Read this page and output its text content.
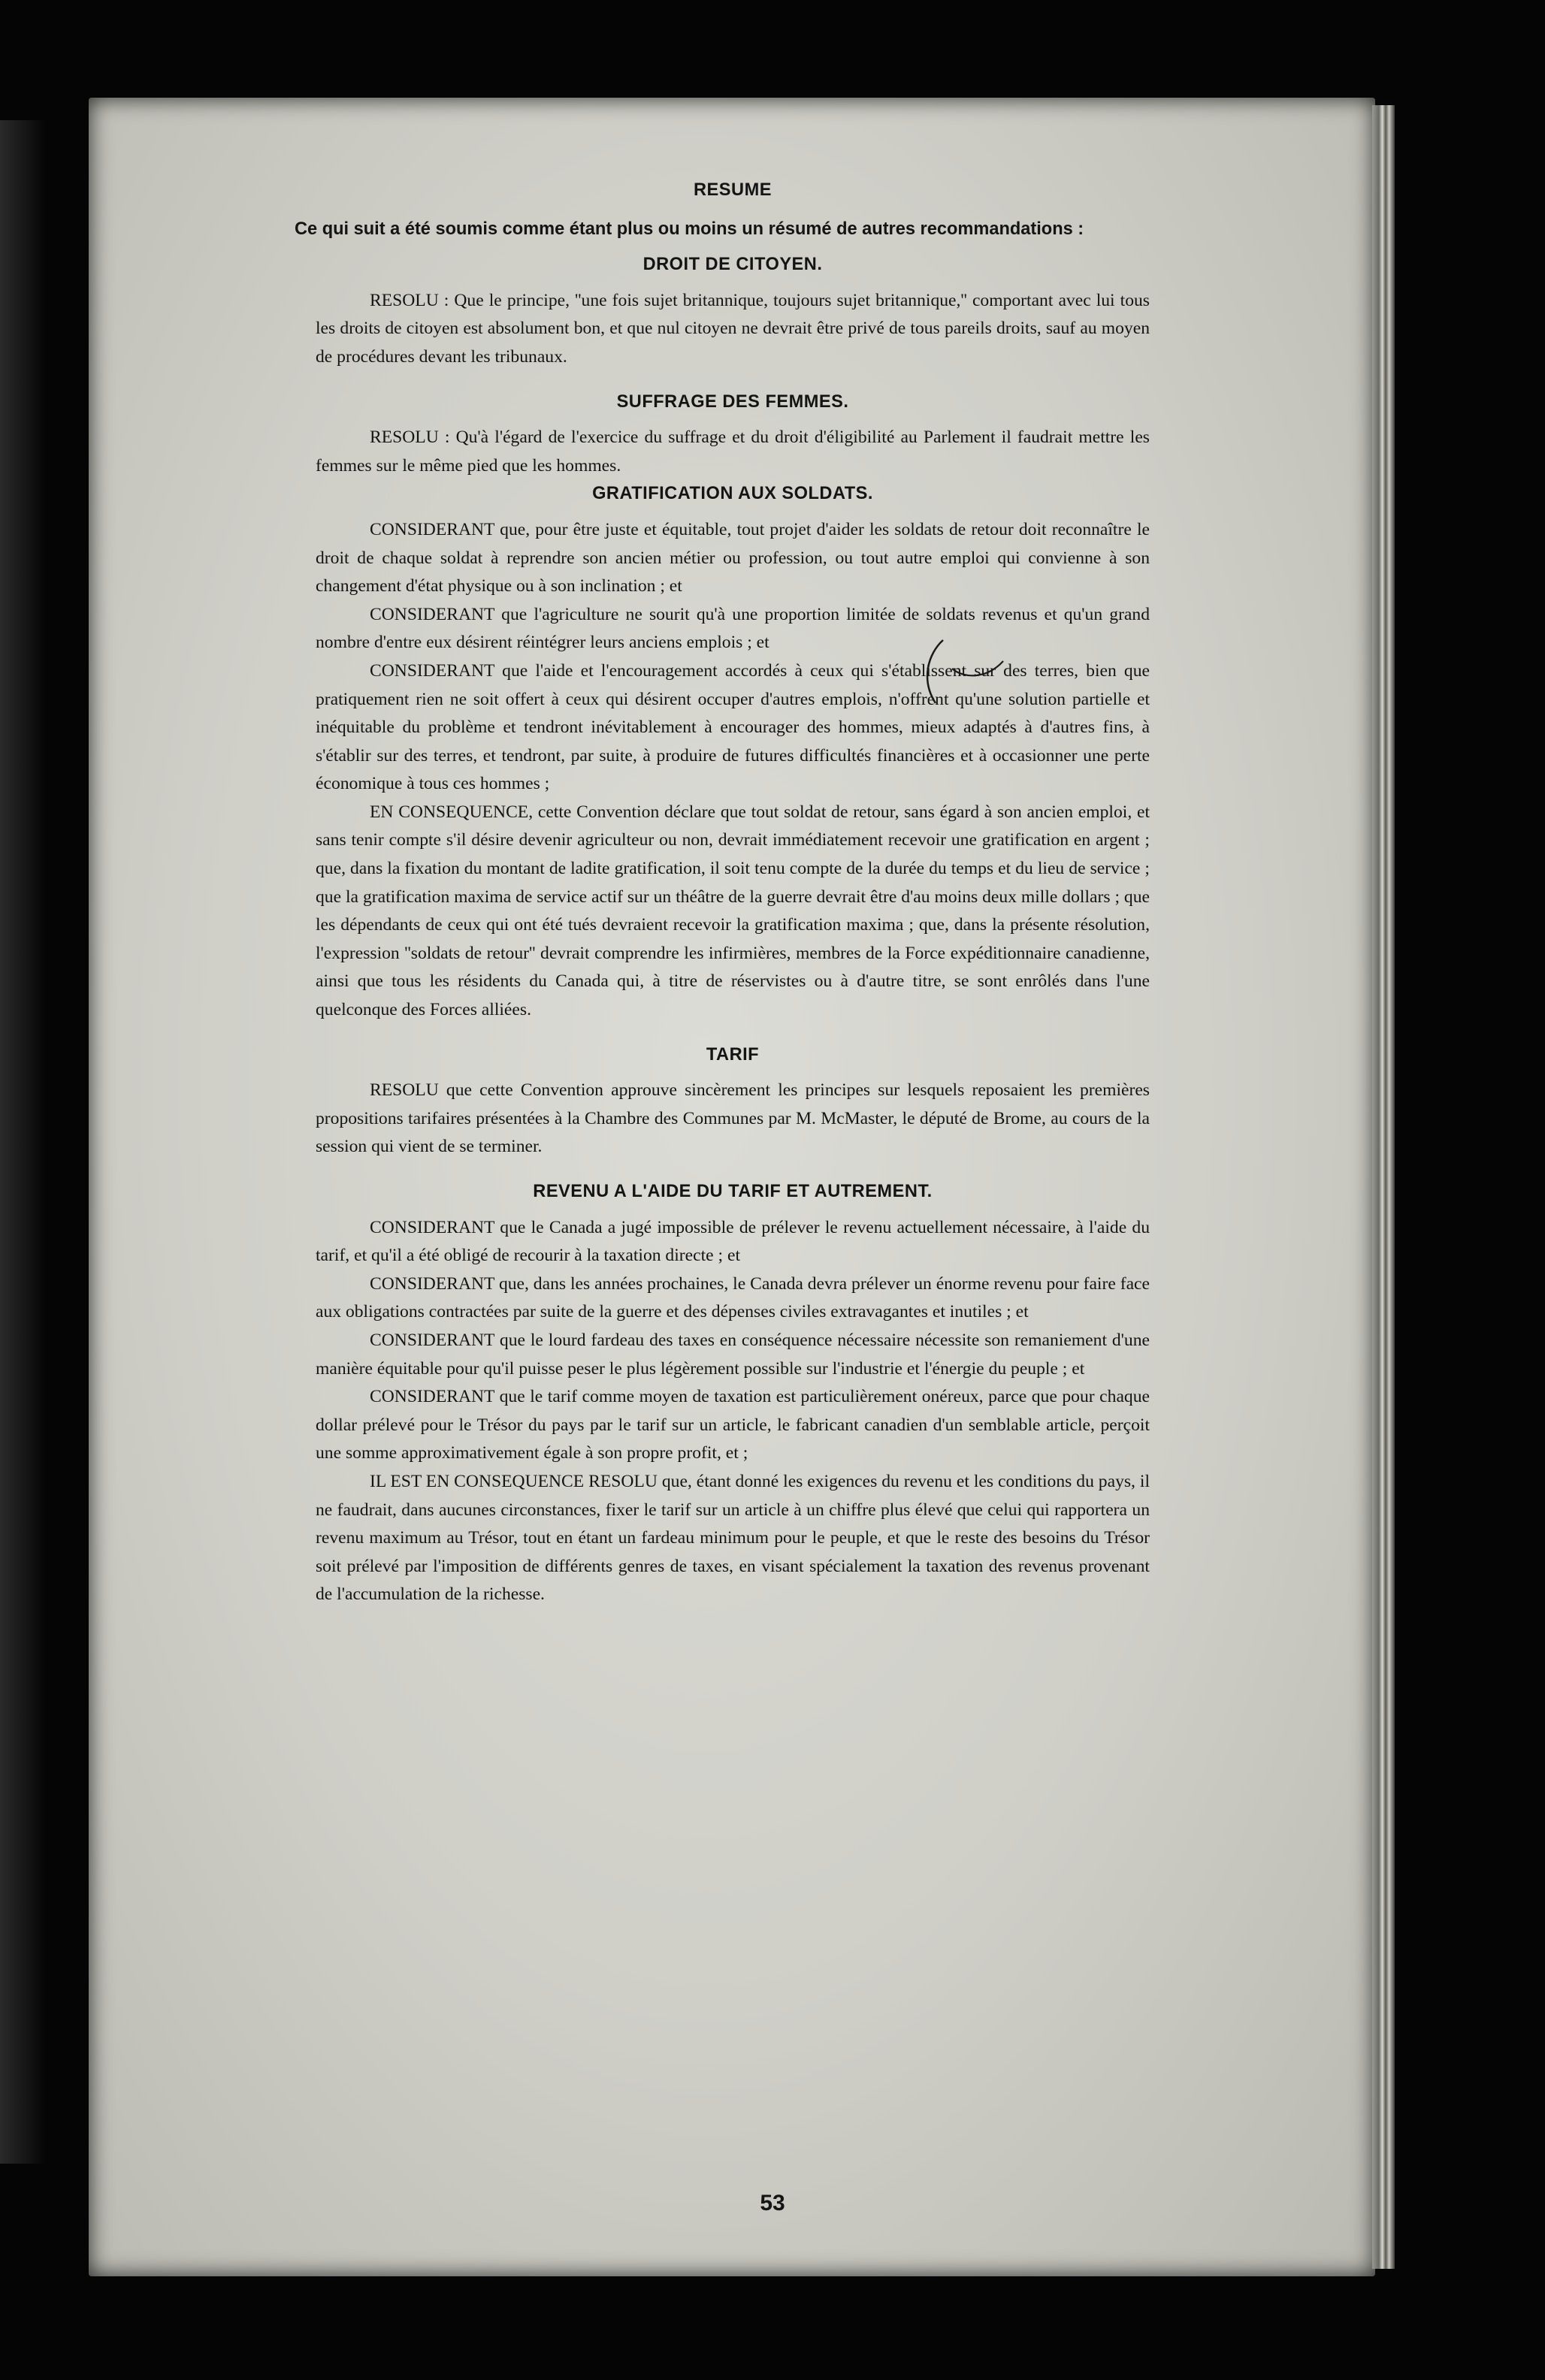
RESUME

Ce qui suit a été soumis comme étant plus ou moins un résumé de autres recommandations :

DROIT DE CITOYEN.

RESOLU : Que le principe, ''une fois sujet britannique, toujours sujet britannique,'' comportant avec lui tous les droits de citoyen est absolument bon, et que nul citoyen ne devrait être privé de tous pareils droits, sauf au moyen de procédures devant les tribunaux.

SUFFRAGE DES FEMMES.

RESOLU : Qu'à l'égard de l'exercice du suffrage et du droit d'éligibilité au Parlement il faudrait mettre les femmes sur le même pied que les hommes.

GRATIFICATION AUX SOLDATS.

CONSIDERANT que, pour être juste et équitable, tout projet d'aider les soldats de retour doit reconnaître le droit de chaque soldat à reprendre son ancien métier ou profession, ou tout autre emploi qui convienne à son changement d'état physique ou à son inclination ; et

CONSIDERANT que l'agriculture ne sourit qu'à une proportion limitée de soldats revenus et qu'un grand nombre d'entre eux désirent réintégrer leurs anciens emplois ; et

CONSIDERANT que l'aide et l'encouragement accordés à ceux qui s'établissent sur des terres, bien que pratiquement rien ne soit offert à ceux qui désirent occuper d'autres emplois, n'offrent qu'une solution partielle et inéquitable du problème et tendront inévitablement à encourager des hommes, mieux adaptés à d'autres fins, à s'établir sur des terres, et tendront, par suite, à produire de futures difficultés financières et à occasionner une perte économique à tous ces hommes ;

EN CONSEQUENCE, cette Convention déclare que tout soldat de retour, sans égard à son ancien emploi, et sans tenir compte s'il désire devenir agriculteur ou non, devrait immédiatement recevoir une gratification en argent ; que, dans la fixation du montant de ladite gratification, il soit tenu compte de la durée du temps et du lieu de service ; que la gratification maxima de service actif sur un théâtre de la guerre devrait être d'au moins deux mille dollars ; que les dépendants de ceux qui ont été tués devraient recevoir la gratification maxima ; que, dans la présente résolution, l'expression ''soldats de retour'' devrait comprendre les infirmières, membres de la Force expéditionnaire canadienne, ainsi que tous les résidents du Canada qui, à titre de réservistes ou à d'autre titre, se sont enrôlés dans l'une quelconque des Forces alliées.

TARIF

RESOLU que cette Convention approuve sincèrement les principes sur lesquels reposaient les premières propositions tarifaires présentées à la Chambre des Communes par M. McMaster, le député de Brome, au cours de la session qui vient de se terminer.

REVENU A L'AIDE DU TARIF ET AUTREMENT.

CONSIDERANT que le Canada a jugé impossible de prélever le revenu actuellement nécessaire, à l'aide du tarif, et qu'il a été obligé de recourir à la taxation directe ; et

CONSIDERANT que, dans les années prochaines, le Canada devra prélever un énorme revenu pour faire face aux obligations contractées par suite de la guerre et des dépenses civiles extravagantes et inutiles ; et

CONSIDERANT que le lourd fardeau des taxes en conséquence nécessaire nécessite son remaniement d'une manière équitable pour qu'il puisse peser le plus légèrement possible sur l'industrie et l'énergie du peuple ; et

CONSIDERANT que le tarif comme moyen de taxation est particulièrement onéreux, parce que pour chaque dollar prélevé pour le Trésor du pays par le tarif sur un article, le fabricant canadien d'un semblable article, perçoit une somme approximativement égale à son propre profit, et ;

IL EST EN CONSEQUENCE RESOLU que, étant donné les exigences du revenu et les conditions du pays, il ne faudrait, dans aucunes circonstances, fixer le tarif sur un article à un chiffre plus élevé que celui qui rapportera un revenu maximum au Trésor, tout en étant un fardeau minimum pour le peuple, et que le reste des besoins du Trésor soit prélevé par l'imposition de différents genres de taxes, en visant spécialement la taxation des revenus provenant de l'accumulation de la richesse.

53
